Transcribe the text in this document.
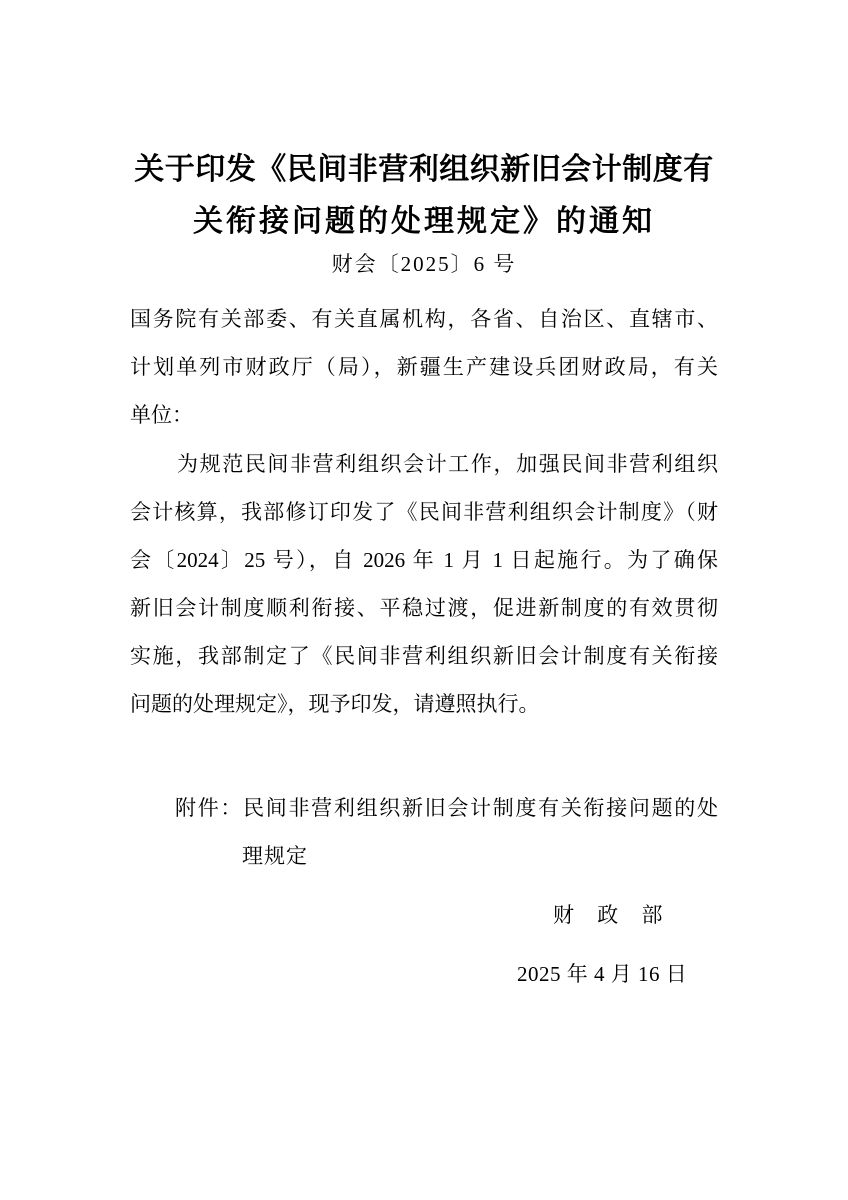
关于印发《民间非营利组织新旧会计制度有
关衔接问题的处理规定》的通知
财会〔2025〕6 号
国务院有关部委、有关直属机构，各省、自治区、直辖市、
计划单列市财政厅（局），新疆生产建设兵团财政局，有关
单位：
为规范民间非营利组织会计工作，加强民间非营利组织
会计核算，我部修订印发了《民间非营利组织会计制度》（财
会〔2024〕25 号），自 2026 年 1 月 1 日起施行。为了确保
新旧会计制度顺利衔接、平稳过渡，促进新制度的有效贯彻
实施，我部制定了《民间非营利组织新旧会计制度有关衔接
问题的处理规定》，现予印发，请遵照执行。
附件：民间非营利组织新旧会计制度有关衔接问题的处
理规定
财 政 部
2025 年 4 月 16 日
